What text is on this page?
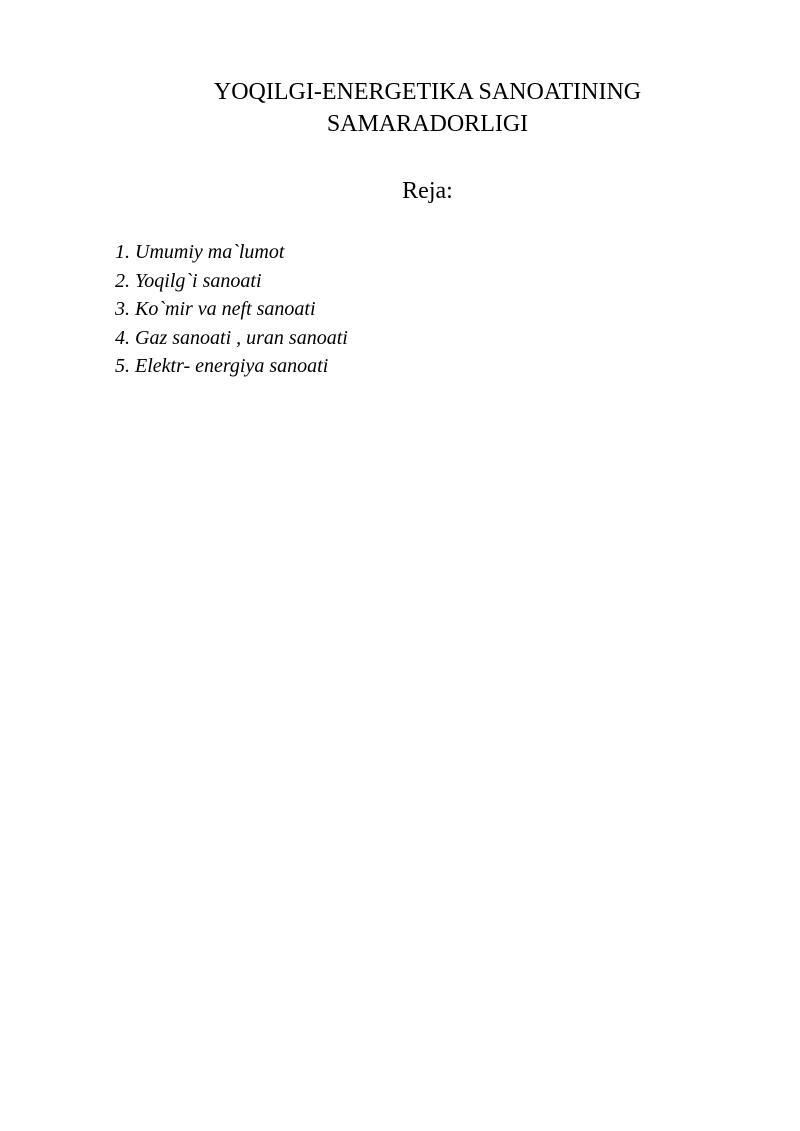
YOQILGI-ENERGETIKA SANOATINING
SAMARADORLIGI

Reja:

1. Umumiy ma`lumot
2. Yoqilg`i sanoati
3. Ko`mir va neft sanoati
4. Gaz sanoati , uran sanoati
5. Elektr- energiya sanoati
